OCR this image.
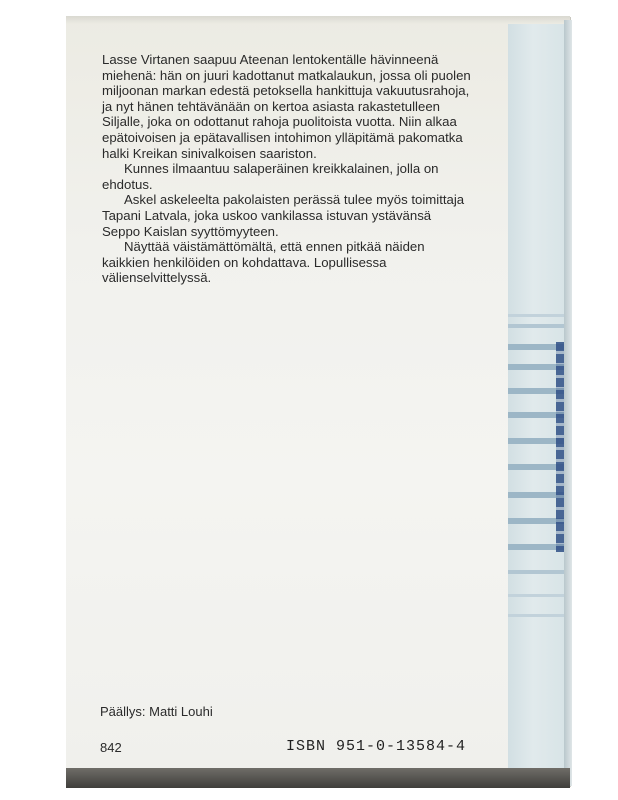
Lasse Virtanen saapuu Ateenan lentokentälle hävinneenä miehenä: hän on juuri kadottanut matkalaukun, jossa oli puolen miljoonan markan edestä petoksella hankittuja vakuutusrahoja, ja nyt hänen tehtävänään on kertoa asiasta rakastetulleen Siljalle, joka on odottanut rahoja puolitoista vuotta. Niin alkaa epätoivoisen ja epätavallisen intohimon ylläpitämä pakomatka halki Kreikan sinivalkoisen saariston.

Kunnes ilmaantuu salaperäinen kreikkalainen, jolla on ehdotus.

Askel askeleelta pakolaisten perässä tulee myös toimittaja Tapani Latvala, joka uskoo vankilassa istuvan ystävänsä Seppo Kaislan syyttömyyteen.

Näyttää väistämättömältä, että ennen pitkää näiden kaikkien henkilöiden on kohdattava. Lopullisessa välienselvittelyssä.

Päällys: Matti Louhi
842	ISBN 951-0-13584-4
